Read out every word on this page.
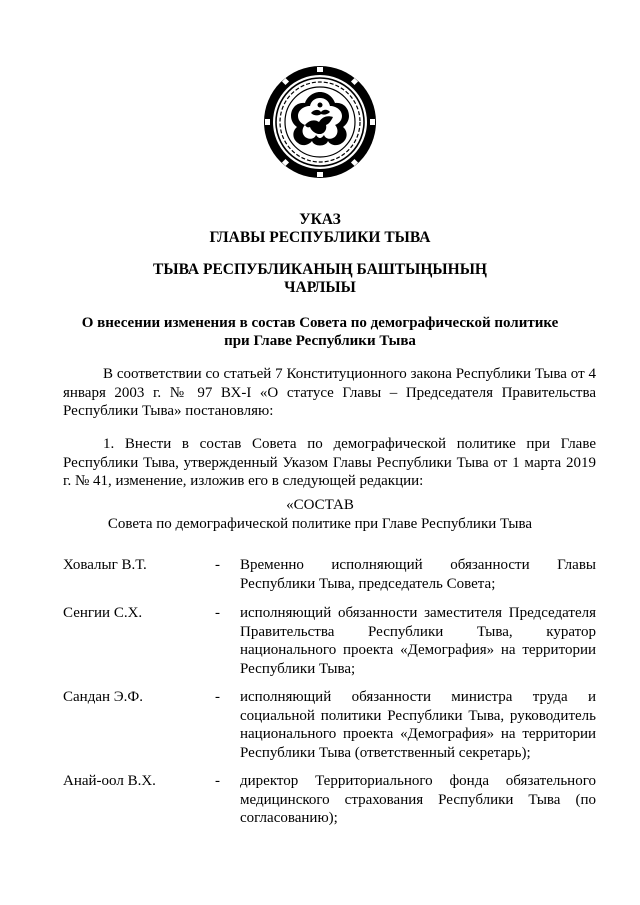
УКАЗ
ГЛАВЫ РЕСПУБЛИКИ ТЫВА
ТЫВА РЕСПУБЛИКАНЫҢ БАШТЫҢЫНЫҢ
ЧАРЛЫЫ
О внесении изменения в состав Совета по демографической политике
при Главе Республики Тыва
В соответствии со статьей 7 Конституционного закона Республики Тыва от 4 января 2003 г. № 97 ВХ-I «О статусе Главы – Председателя Правительства Республики Тыва» постановляю:
1. Внести в состав Совета по демографической политике при Главе Республики Тыва, утвержденный Указом Главы Республики Тыва от 1 марта 2019 г. № 41, изменение, изложив его в следующей редакции:
«СОСТАВ
Совета по демографической политике при Главе Республики Тыва
Ховалыг В.Т.	-	Временно исполняющий обязанности Главы Республики Тыва, председатель Совета;
Сенгии С.Х.	-	исполняющий обязанности заместителя Председателя Правительства Республики Тыва, куратор национального проекта «Демография» на территории Республики Тыва;
Сандан Э.Ф.	-	исполняющий обязанности министра труда и социальной политики Республики Тыва, руководитель национального проекта «Демография» на территории Республики Тыва (ответственный секретарь);
Анай-оол В.Х.	-	директор Территориального фонда обязательного медицинского страхования Республики Тыва (по согласованию);
